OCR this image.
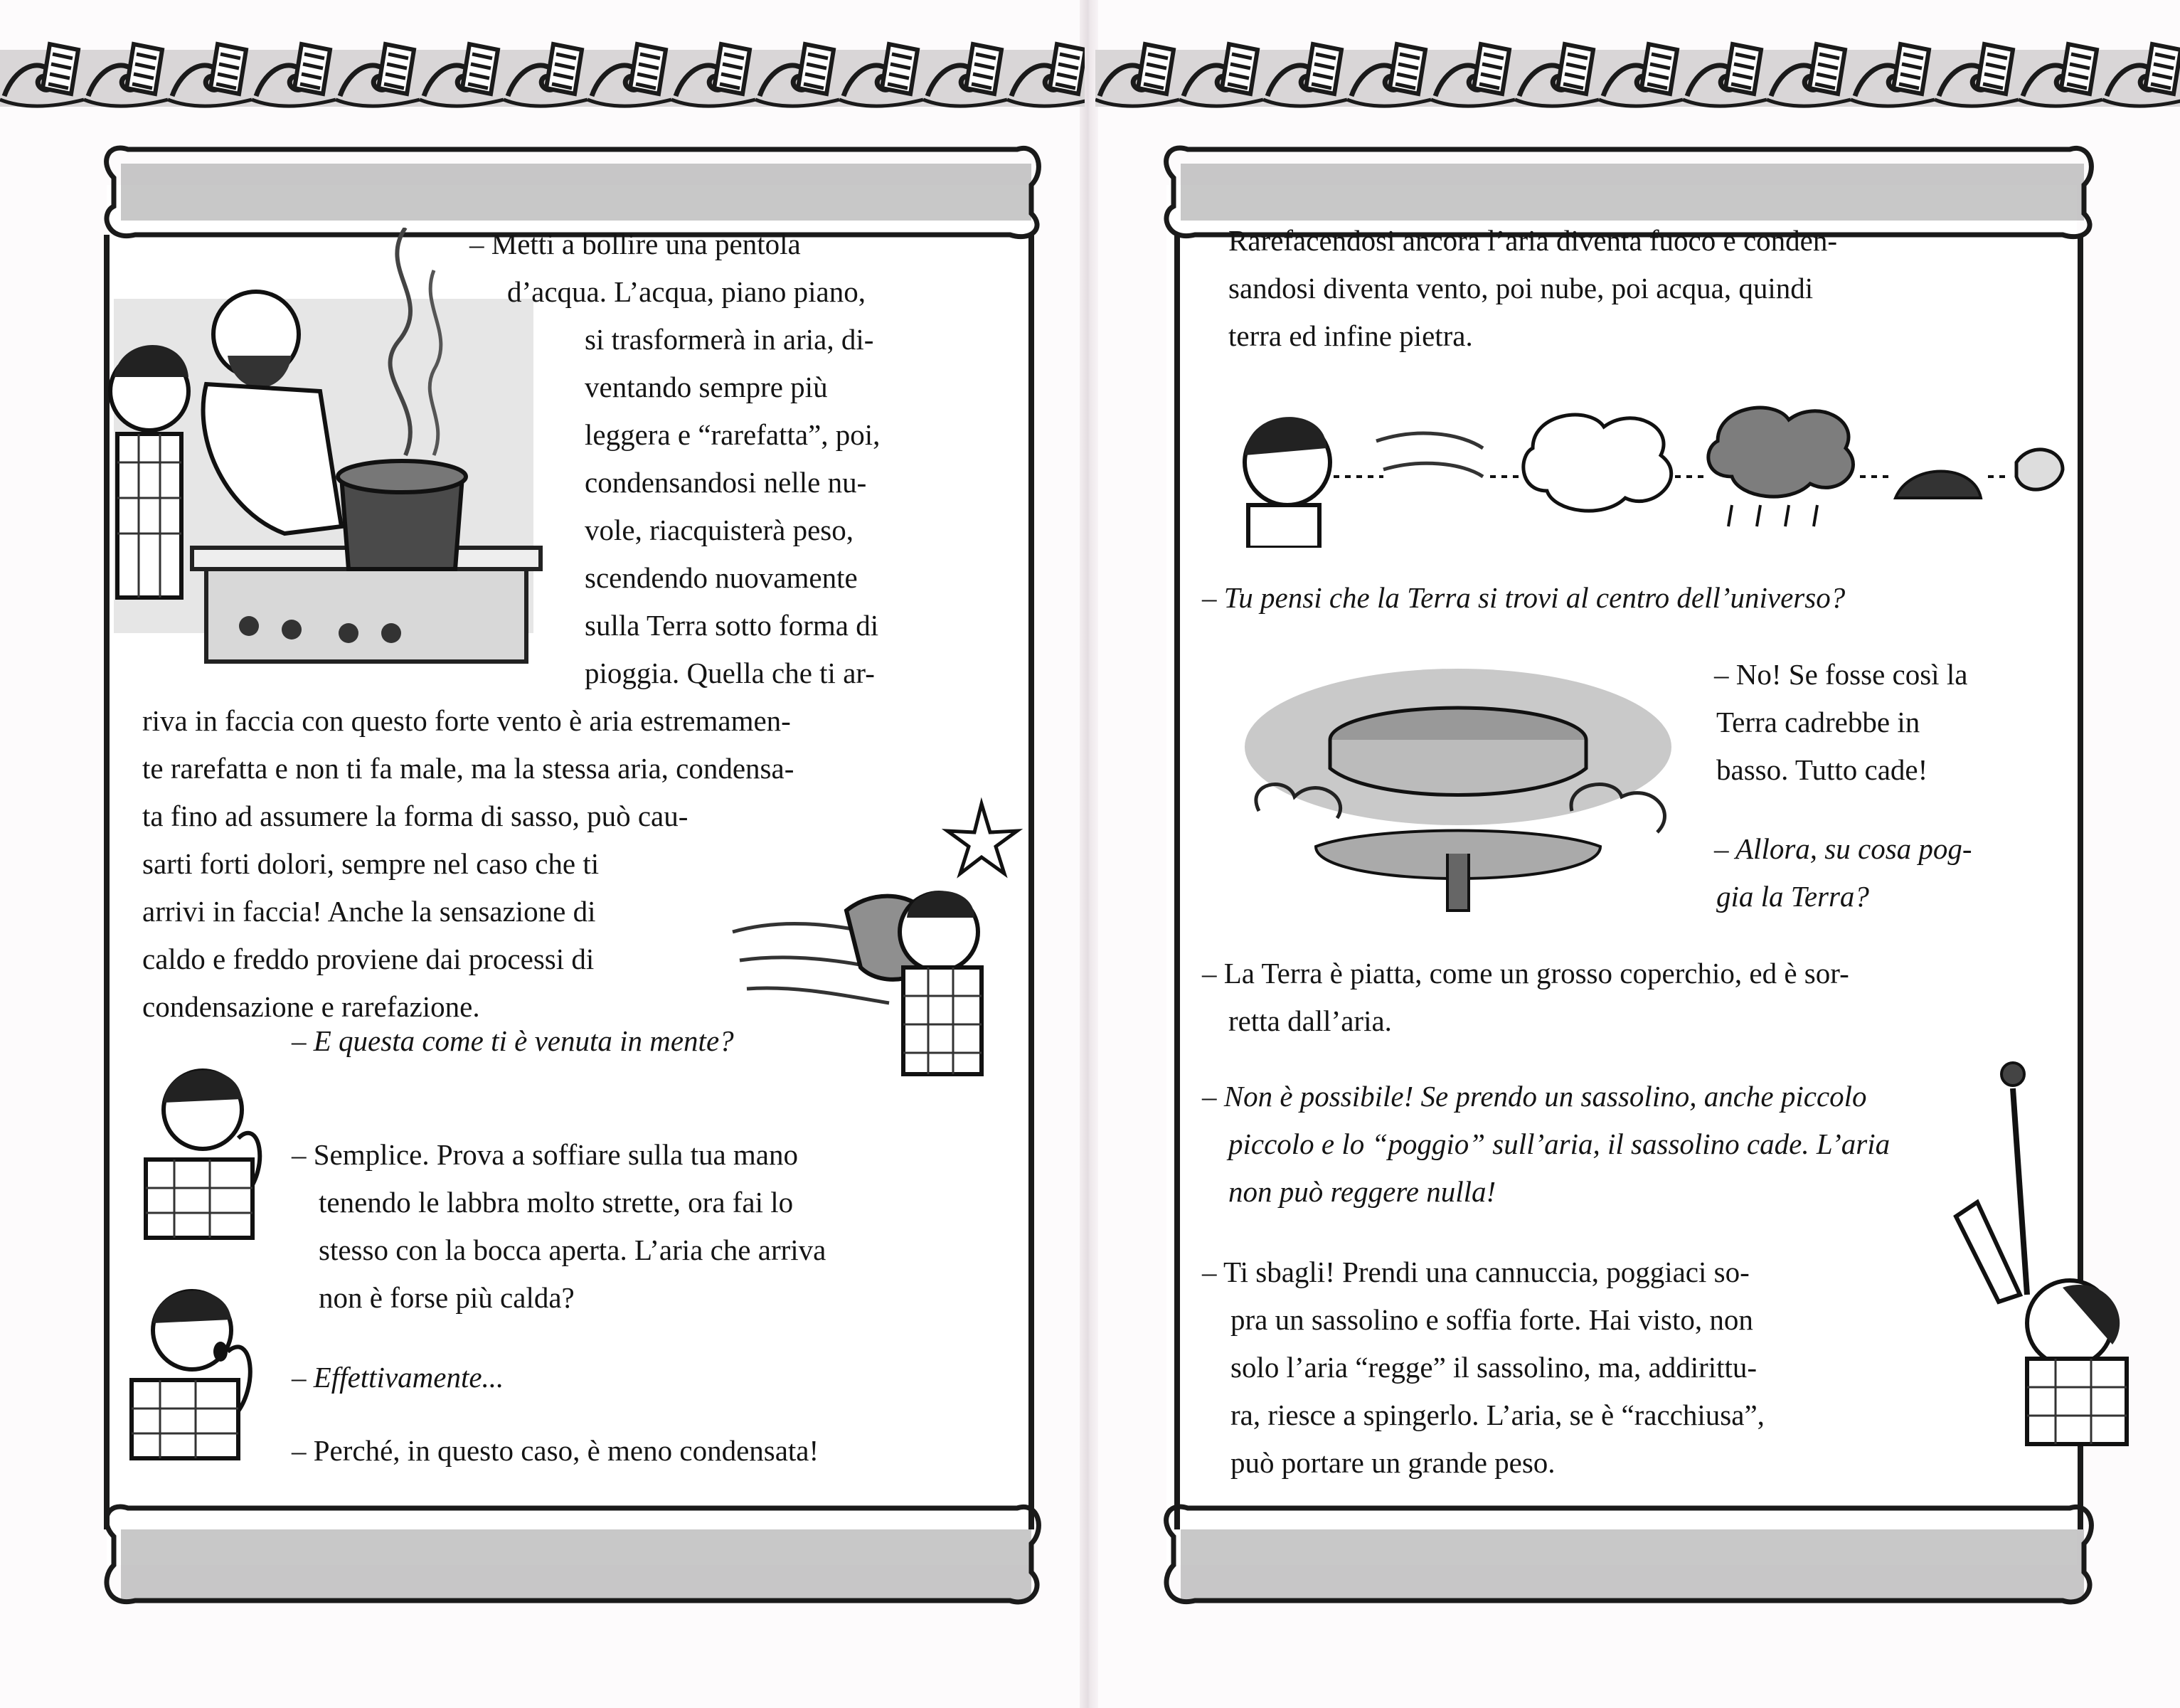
– Metti a bollire una pentola
d’acqua. L’acqua, piano piano,
si trasformerà in aria, di-
ventando sempre più
leggera e “rarefatta”, poi,
condensandosi nelle nu-
vole, riacquisterà peso,
scendendo nuovamente
sulla Terra sotto forma di
pioggia. Quella che ti ar-
riva in faccia con questo forte vento è aria estremamen-
te rarefatta e non ti fa male, ma la stessa aria, condensa-
ta fino ad assumere la forma di sasso, può cau-
sarti forti dolori, sempre nel caso che ti
arrivi in faccia! Anche la sensazione di
caldo e freddo proviene dai processi di
condensazione e rarefazione.
– E questa come ti è venuta in mente?
– Semplice. Prova a soffiare sulla tua mano
tenendo le labbra molto strette, ora fai lo
stesso con la bocca aperta. L’aria che arriva
non è forse più calda?
– Effettivamente...
– Perché, in questo caso, è meno condensata!
Rarefacendosi ancora l’aria diventa fuoco e conden-
sandosi diventa vento, poi nube, poi acqua, quindi
terra ed infine pietra.
– Tu pensi che la Terra si trovi al centro dell’universo?
– No! Se fosse così la
Terra cadrebbe in
basso. Tutto cade!
– Allora, su cosa pog-
gia la Terra?
– La Terra è piatta, come un grosso coperchio, ed è sor-
retta dall’aria.
– Non è possibile! Se prendo un sassolino, anche piccolo
piccolo e lo “poggio” sull’aria, il sassolino cade. L’aria
non può reggere nulla!
– Ti sbagli! Prendi una cannuccia, poggiaci so-
pra un sassolino e soffia forte. Hai visto, non
solo l’aria “regge” il sassolino, ma, addirittu-
ra, riesce a spingerlo. L’aria, se è “racchiusa”,
può portare un grande peso.
